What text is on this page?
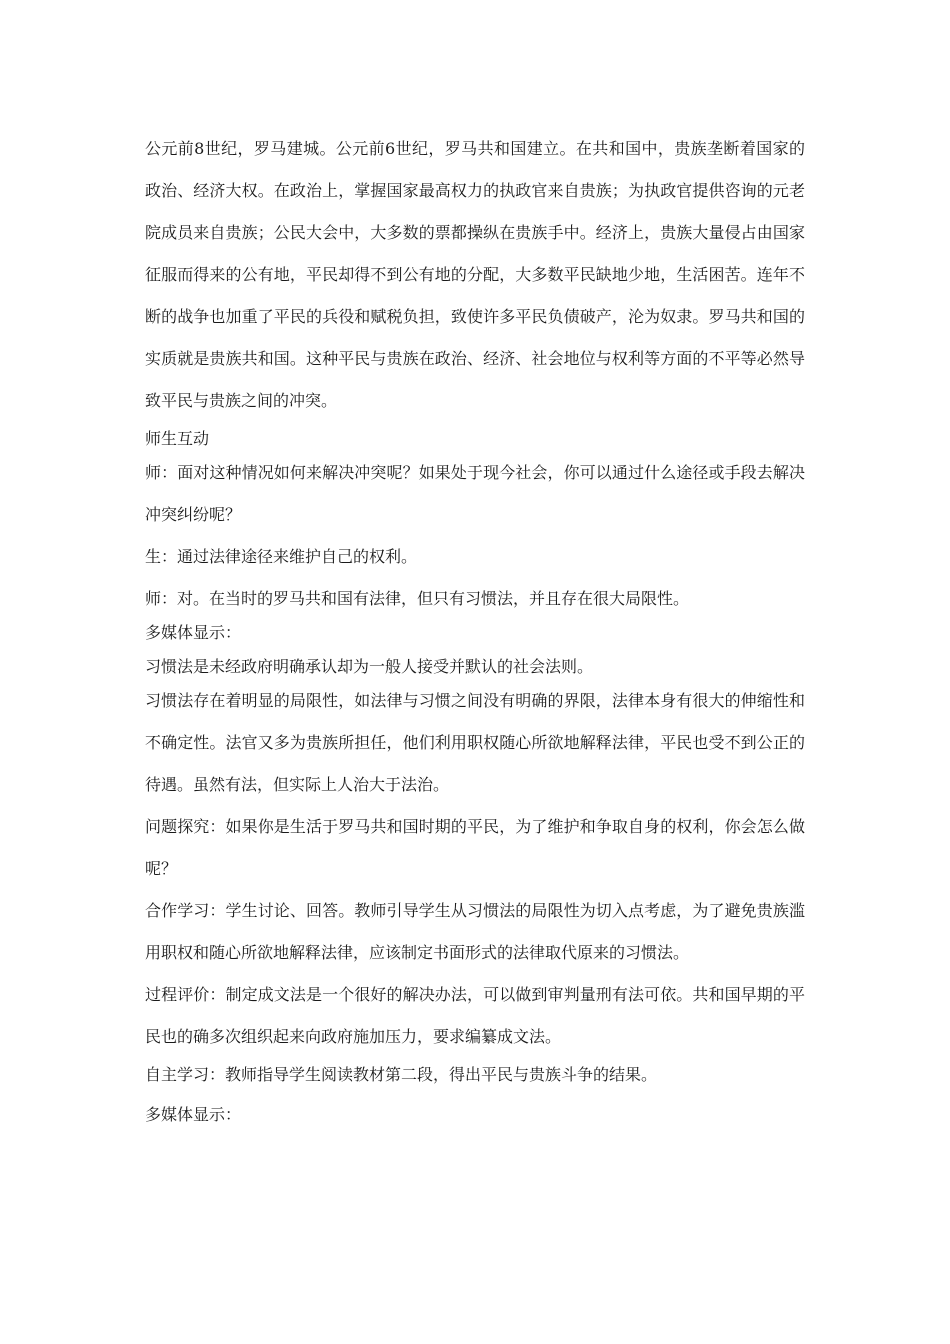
公元前8世纪，罗马建城。公元前6世纪，罗马共和国建立。在共和国中，贵族垄断着国家的政治、经济大权。在政治上，掌握国家最高权力的执政官来自贵族；为执政官提供咨询的元老院成员来自贵族；公民大会中，大多数的票都操纵在贵族手中。经济上，贵族大量侵占由国家征服而得来的公有地，平民却得不到公有地的分配，大多数平民缺地少地，生活困苦。连年不断的战争也加重了平民的兵役和赋税负担，致使许多平民负债破产，沦为奴隶。罗马共和国的实质就是贵族共和国。这种平民与贵族在政治、经济、社会地位与权利等方面的不平等必然导致平民与贵族之间的冲突。

师生互动

师：面对这种情况如何来解决冲突呢？如果处于现今社会，你可以通过什么途径或手段去解决冲突纠纷呢？

生：通过法律途径来维护自己的权利。

师：对。在当时的罗马共和国有法律，但只有习惯法，并且存在很大局限性。

多媒体显示：

习惯法是未经政府明确承认却为一般人接受并默认的社会法则。

习惯法存在着明显的局限性，如法律与习惯之间没有明确的界限，法律本身有很大的伸缩性和不确定性。法官又多为贵族所担任，他们利用职权随心所欲地解释法律，平民也受不到公正的待遇。虽然有法，但实际上人治大于法治。

问题探究：如果你是生活于罗马共和国时期的平民，为了维护和争取自身的权利，你会怎么做呢？

合作学习：学生讨论、回答。教师引导学生从习惯法的局限性为切入点考虑，为了避免贵族滥用职权和随心所欲地解释法律，应该制定书面形式的法律取代原来的习惯法。

过程评价：制定成文法是一个很好的解决办法，可以做到审判量刑有法可依。共和国早期的平民也的确多次组织起来向政府施加压力，要求编纂成文法。

自主学习：教师指导学生阅读教材第二段，得出平民与贵族斗争的结果。

多媒体显示：
